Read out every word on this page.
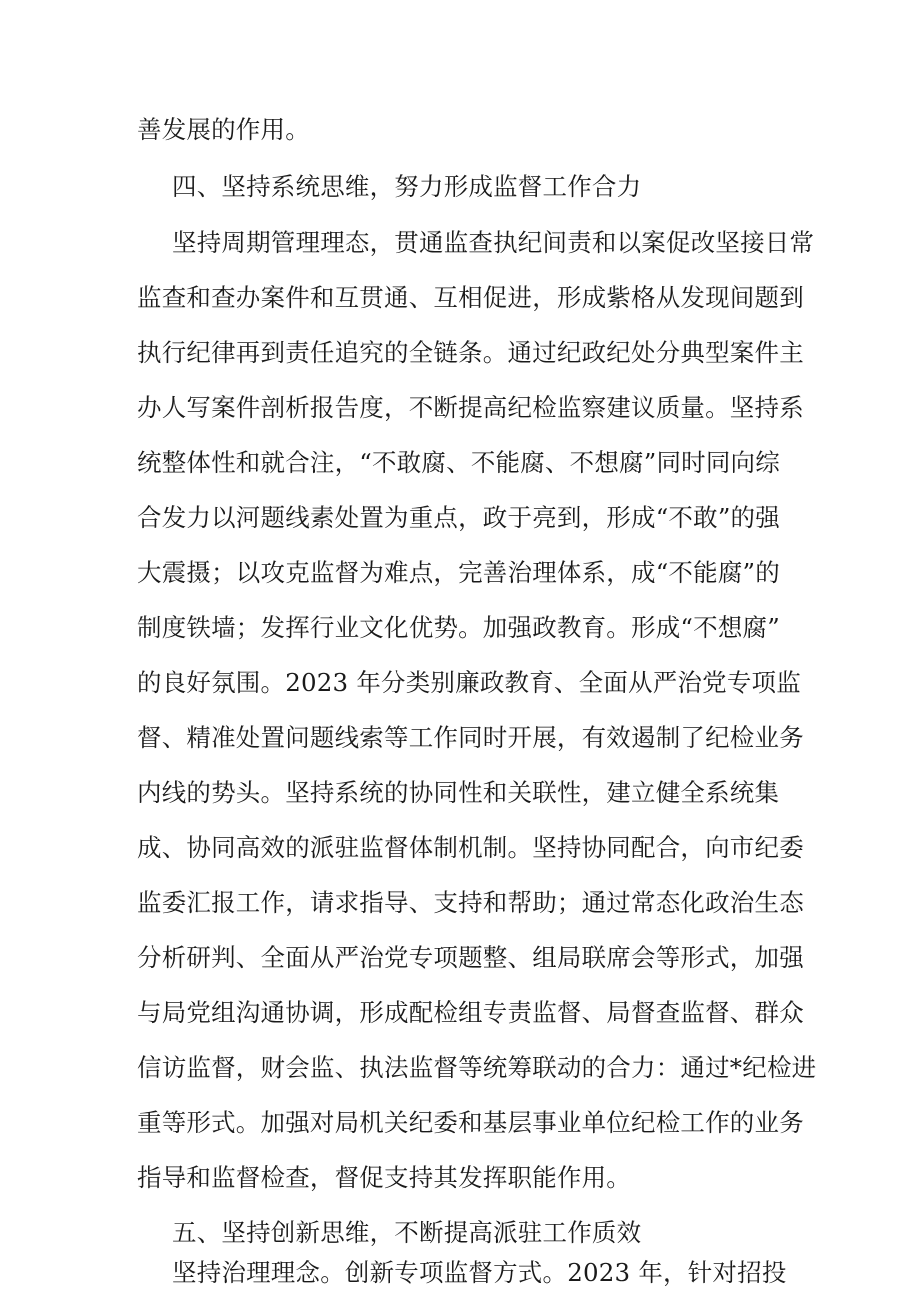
善发展的作用。
四、坚持系统思维，努力形成监督工作合力
坚持周期管理理态，贯通监查执纪间责和以案促改坚接日常
监查和查办案件和互贯通、互相促进，形成紫格从发现间题到
执行纪律再到责任追究的全链条。通过纪政纪处分典型案件主
办人写案件剖析报告度，不断提高纪检监察建议质量。坚持系
统整体性和就合注，“不敢腐、不能腐、不想腐”同时同向综
合发力以河题线素处置为重点，政于亮到，形成“不敢”的强
大震摄；以攻克监督为难点，完善治理体系，成“不能腐”的
制度铁墙；发挥行业文化优势。加强政教育。形成“不想腐”
的良好氛围。2023 年分类别廉政教育、全面从严治党专项监
督、精准处置问题线索等工作同时开展，有效遏制了纪检业务
内线的势头。坚持系统的协同性和关联性，建立健全系统集
成、协同高效的派驻监督体制机制。坚持协同配合，向市纪委
监委汇报工作，请求指导、支持和帮助；通过常态化政治生态
分析研判、全面从严治党专项题整、组局联席会等形式，加强
与局党组沟通协调，形成配检组专责监督、局督查监督、群众
信访监督，财会监、执法监督等统筹联动的合力：通过*纪检进
重等形式。加强对局机关纪委和基层事业单位纪检工作的业务
指导和监督检查，督促支持其发挥职能作用。
五、坚持创新思维，不断提高派驻工作质效
坚持治理理念。创新专项监督方式。2023 年，针对招投
